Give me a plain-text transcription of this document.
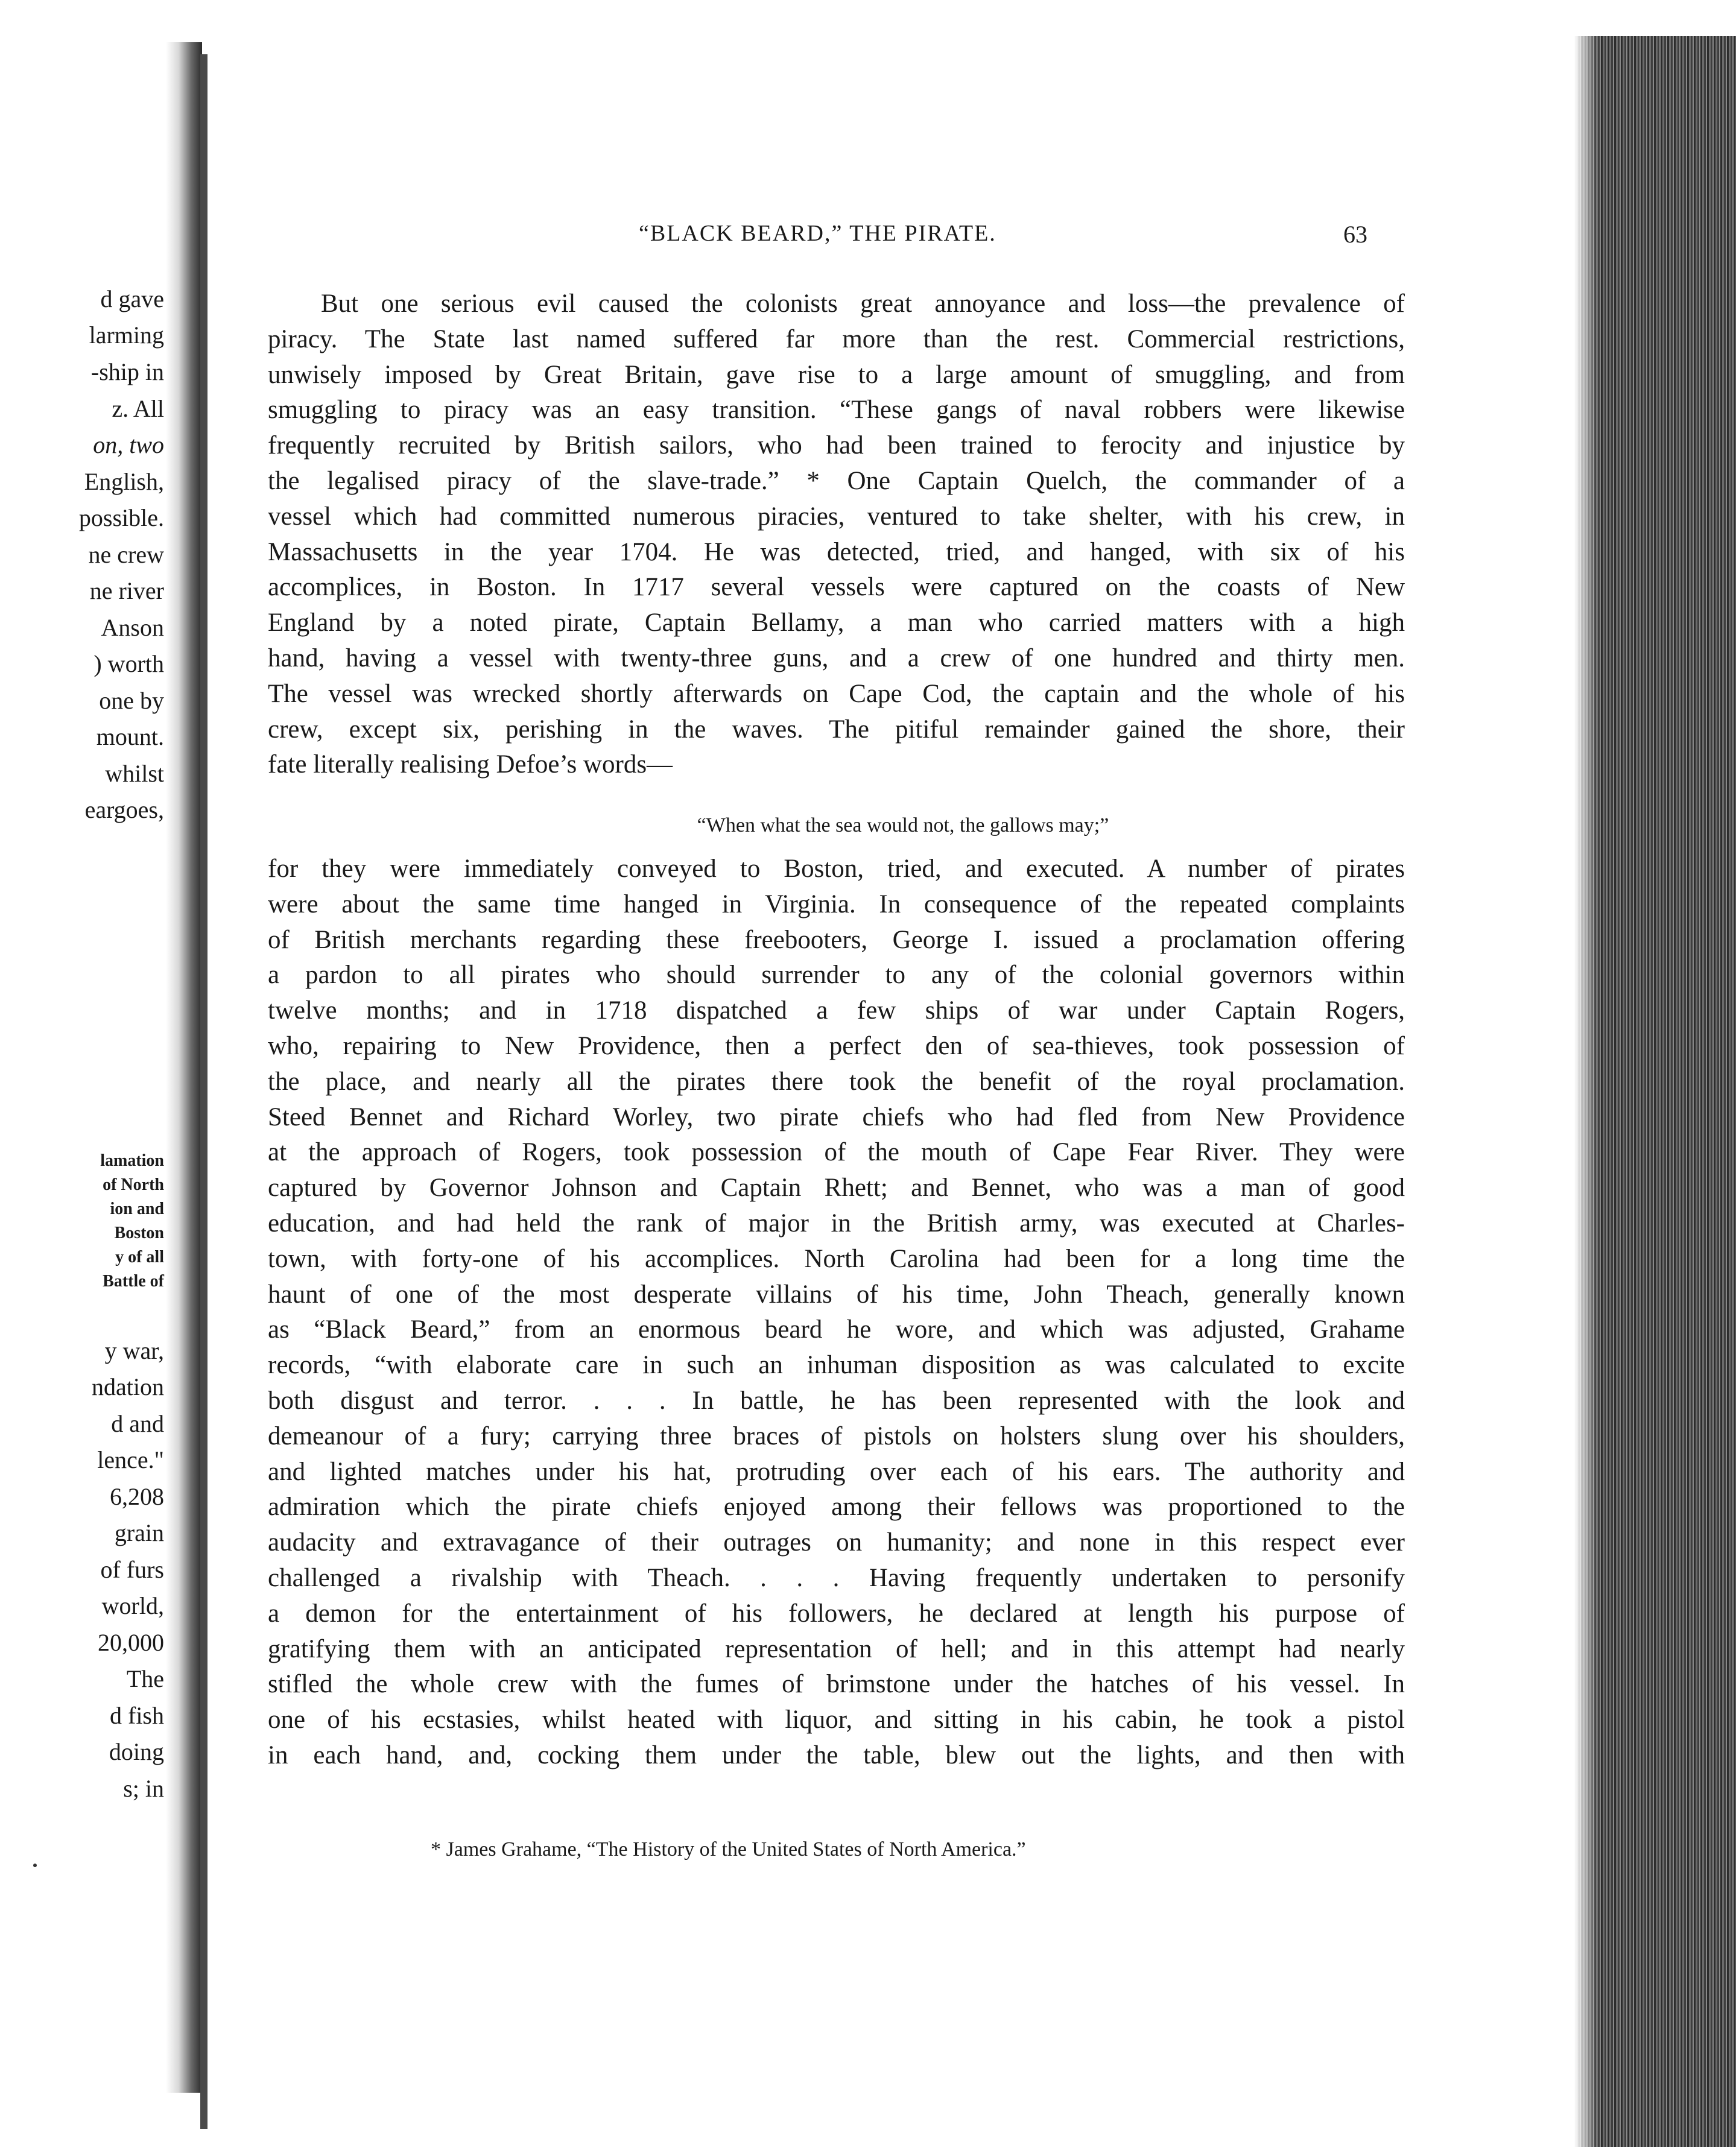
d gave
larming
-ship in
z. All
on, two
English,
possible.
ne crew
ne river
Anson
) worth
one by
mount.
whilst
eargoes,
lamation
of North
ion and
Boston
y of all
Battle of
y war,
ndation
d and
lence."
6,208
grain
of furs
world,
20,000
The
d fish
doing
s; in
“BLACK BEARD,” THE PIRATE.	63
But one serious evil caused the colonists great annoyance and loss—the prevalence of
piracy. The State last named suffered far more than the rest. Commercial restrictions,
unwisely imposed by Great Britain, gave rise to a large amount of smuggling, and from
smuggling to piracy was an easy transition. “These gangs of naval robbers were likewise
frequently recruited by British sailors, who had been trained to ferocity and injustice by
the legalised piracy of the slave-trade.” * One Captain Quelch, the commander of a
vessel which had committed numerous piracies, ventured to take shelter, with his crew, in
Massachusetts in the year 1704. He was detected, tried, and hanged, with six of his
accomplices, in Boston. In 1717 several vessels were captured on the coasts of New
England by a noted pirate, Captain Bellamy, a man who carried matters with a high
hand, having a vessel with twenty-three guns, and a crew of one hundred and thirty men.
The vessel was wrecked shortly afterwards on Cape Cod, the captain and the whole of his
crew, except six, perishing in the waves. The pitiful remainder gained the shore, their
fate literally realising Defoe’s words—
“When what the sea would not, the gallows may;”
for they were immediately conveyed to Boston, tried, and executed. A number of pirates
were about the same time hanged in Virginia. In consequence of the repeated complaints
of British merchants regarding these freebooters, George I. issued a proclamation offering
a pardon to all pirates who should surrender to any of the colonial governors within
twelve months; and in 1718 dispatched a few ships of war under Captain Rogers,
who, repairing to New Providence, then a perfect den of sea-thieves, took possession of
the place, and nearly all the pirates there took the benefit of the royal proclamation.
Steed Bennet and Richard Worley, two pirate chiefs who had fled from New Providence
at the approach of Rogers, took possession of the mouth of Cape Fear River. They were
captured by Governor Johnson and Captain Rhett; and Bennet, who was a man of good
education, and had held the rank of major in the British army, was executed at Charles-
town, with forty-one of his accomplices. North Carolina had been for a long time the
haunt of one of the most desperate villains of his time, John Theach, generally known
as “Black Beard,” from an enormous beard he wore, and which was adjusted, Grahame
records, “with elaborate care in such an inhuman disposition as was calculated to excite
both disgust and terror. . . . In battle, he has been represented with the look and
demeanour of a fury; carrying three braces of pistols on holsters slung over his shoulders,
and lighted matches under his hat, protruding over each of his ears. The authority and
admiration which the pirate chiefs enjoyed among their fellows was proportioned to the
audacity and extravagance of their outrages on humanity; and none in this respect ever
challenged a rivalship with Theach. . . . Having frequently undertaken to personify
a demon for the entertainment of his followers, he declared at length his purpose of
gratifying them with an anticipated representation of hell; and in this attempt had nearly
stifled the whole crew with the fumes of brimstone under the hatches of his vessel. In
one of his ecstasies, whilst heated with liquor, and sitting in his cabin, he took a pistol
in each hand, and, cocking them under the table, blew out the lights, and then with
* James Grahame, “The History of the United States of North America.”
